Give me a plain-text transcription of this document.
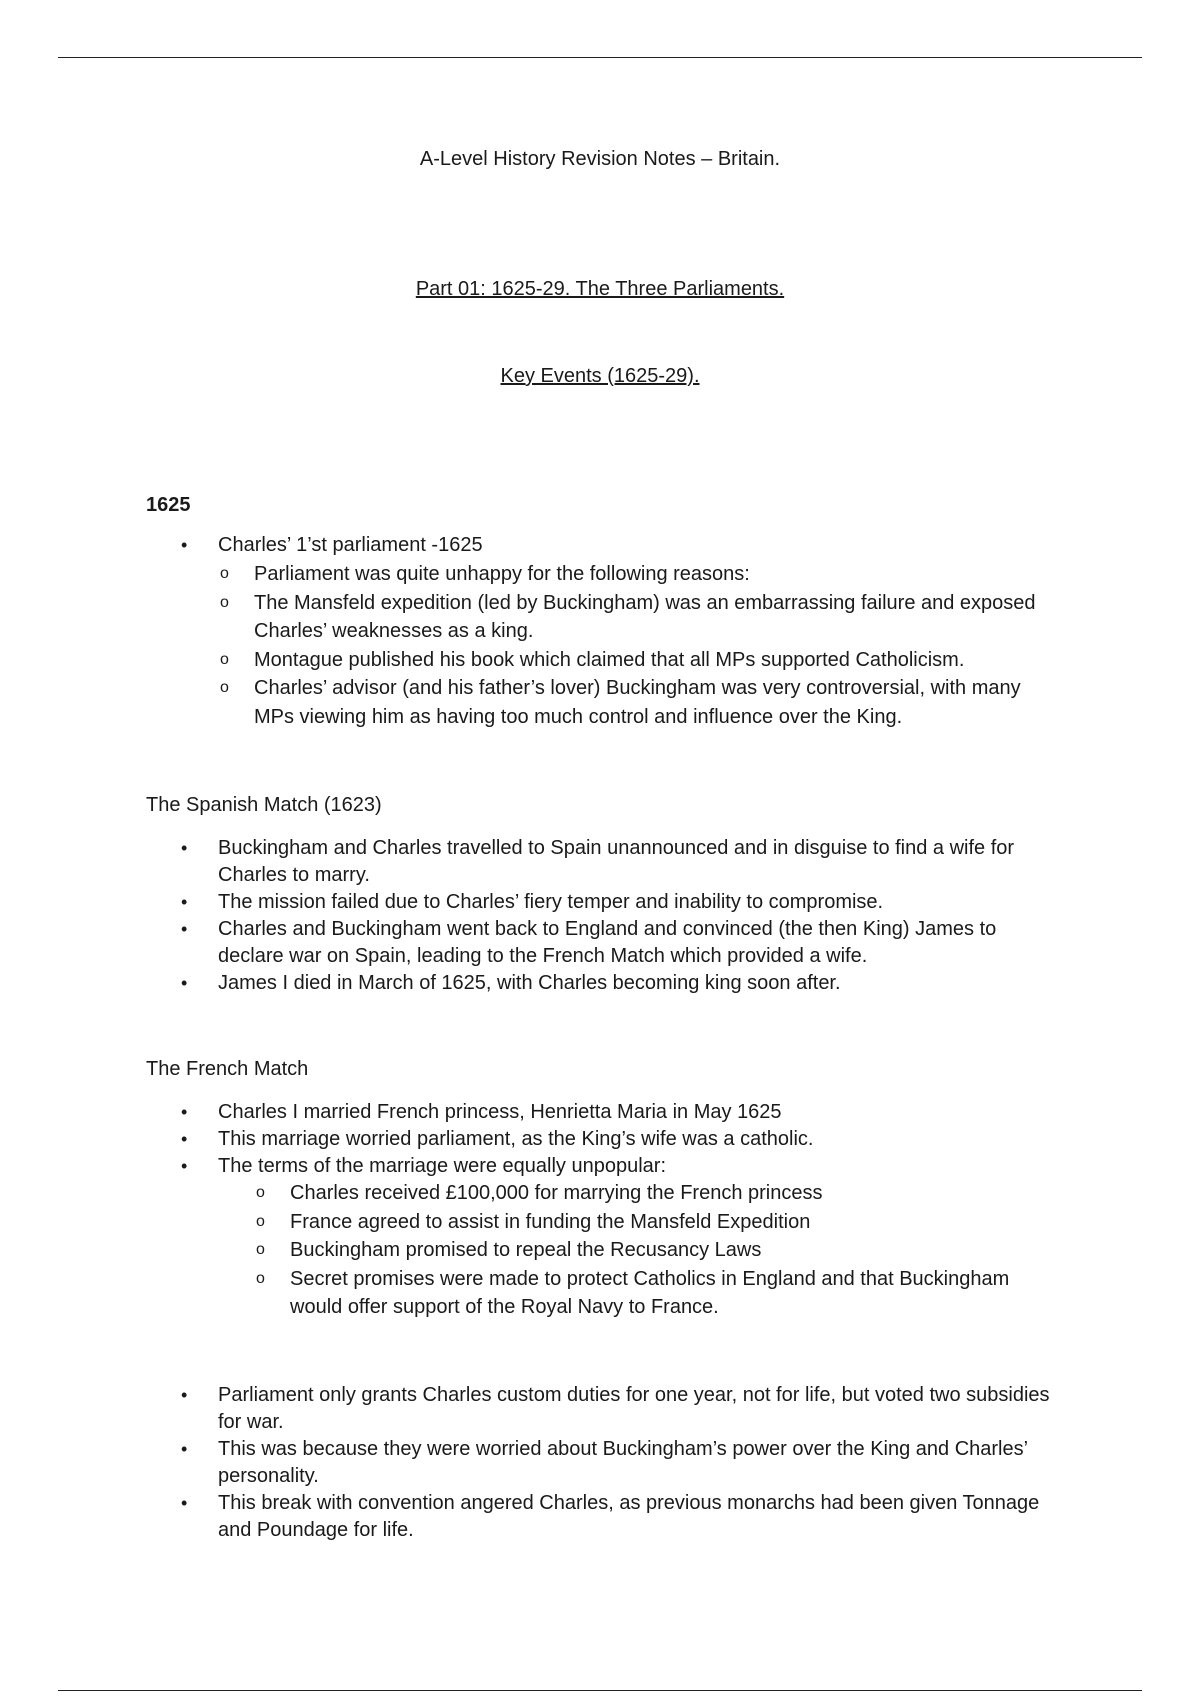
A-Level History Revision Notes – Britain.
Part 01: 1625-29. The Three Parliaments.
Key Events (1625-29).
1625
• Charles’ 1’st parliament -1625
o Parliament was quite unhappy for the following reasons:
o The Mansfeld expedition (led by Buckingham) was an embarrassing failure and exposed Charles’ weaknesses as a king.
o Montague published his book which claimed that all MPs supported Catholicism.
o Charles’ advisor (and his father’s lover) Buckingham was very controversial, with many MPs viewing him as having too much control and influence over the King.
The Spanish Match (1623)
• Buckingham and Charles travelled to Spain unannounced and in disguise to find a wife for Charles to marry.
• The mission failed due to Charles’ fiery temper and inability to compromise.
• Charles and Buckingham went back to England and convinced (the then King) James to declare war on Spain, leading to the French Match which provided a wife.
• James I died in March of 1625, with Charles becoming king soon after.
The French Match
• Charles I married French princess, Henrietta Maria in May 1625
• This marriage worried parliament, as the King’s wife was a catholic.
• The terms of the marriage were equally unpopular:
o Charles received £100,000 for marrying the French princess
o France agreed to assist in funding the Mansfeld Expedition
o Buckingham promised to repeal the Recusancy Laws
o Secret promises were made to protect Catholics in England and that Buckingham would offer support of the Royal Navy to France.
• Parliament only grants Charles custom duties for one year, not for life, but voted two subsidies for war.
• This was because they were worried about Buckingham’s power over the King and Charles’ personality.
• This break with convention angered Charles, as previous monarchs had been given Tonnage and Poundage for life.
